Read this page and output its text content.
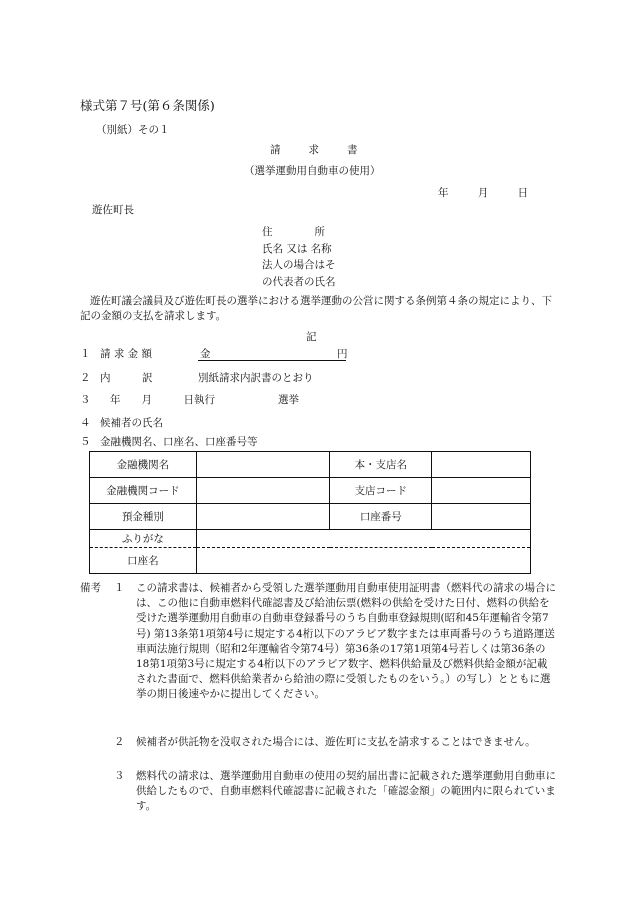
様式第７号(第６条関係)
（別紙）その１
請求書
（選挙運動用自動車の使用）
年 月 日
遊佐町長
住　　　　所
氏名 又は 名称
法人の場合はそ
の代表者の氏名

遊佐町議会議員及び遊佐町長の選挙における選挙運動の公営に関する条例第４条の規定により、下記の金額の支払を請求します。

記
１ 請 求 金 額	金	円
２ 内　　　訳	別紙請求内訳書のとおり
３ 年　　月　　　日執行　　　　　　選挙
４ 候補者の氏名
５ 金融機関名、口座名、口座番号等
金融機関名		本・支店名	
金融機関コード		支店コード	
預金種別		口座番号	
ふりがな			
口座名			
備考 １ この請求書は、候補者から受領した選挙運動用自動車使用証明書（燃料代の請求の場合には、この他に自動車燃料代確認書及び給油伝票(燃料の供給を受けた日付、燃料の供給を受けた選挙運動用自動車の自動車登録番号のうち自動車登録規則(昭和45年運輸省令第7号) 第13条第1項第4号に規定する4桁以下のアラビア数字または車両番号のうち道路運送車両法施行規則（昭和2年運輸省令第74号）第36条の17第1項第4号若しくは第36条の18第1項第3号に規定する4桁以下のアラビア数字、燃料供給量及び燃料供給金額が記載された書面で、燃料供給業者から給油の際に受領したものをいう。）の写し）とともに選挙の期日後速やかに提出してください。
２ 候補者が供託物を没収された場合には、遊佐町に支払を請求することはできません。
３ 燃料代の請求は、選挙運動用自動車の使用の契約届出書に記載された選挙運動用自動車に供給したもので、自動車燃料代確認書に記載された「確認金額」の範囲内に限られています。
